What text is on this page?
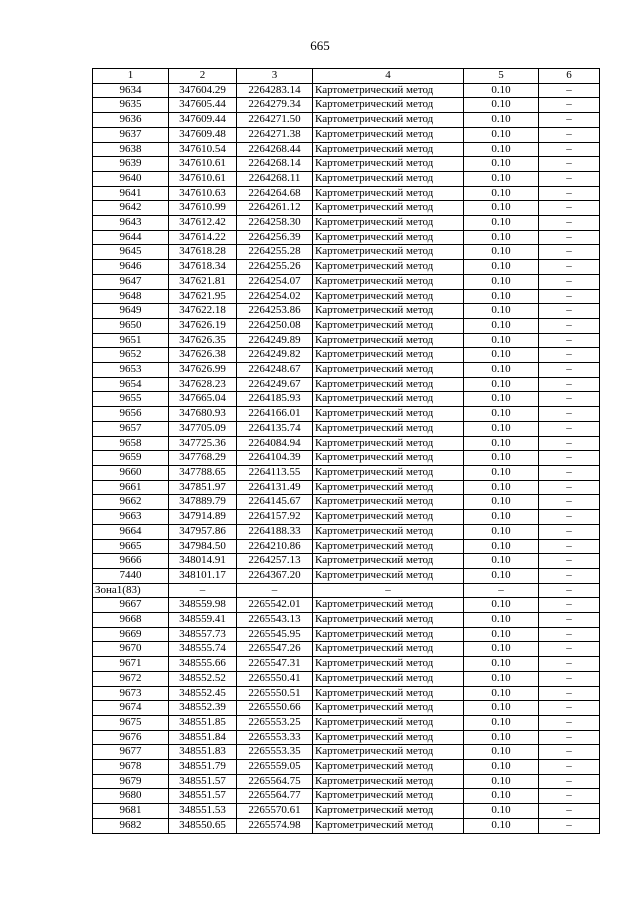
665
1	2	3	4	5	6
9634	347604.29	2264283.14	Картометрический метод	0.10	–
9635	347605.44	2264279.34	Картометрический метод	0.10	–
9636	347609.44	2264271.50	Картометрический метод	0.10	–
9637	347609.48	2264271.38	Картометрический метод	0.10	–
9638	347610.54	2264268.44	Картометрический метод	0.10	–
9639	347610.61	2264268.14	Картометрический метод	0.10	–
9640	347610.61	2264268.11	Картометрический метод	0.10	–
9641	347610.63	2264264.68	Картометрический метод	0.10	–
9642	347610.99	2264261.12	Картометрический метод	0.10	–
9643	347612.42	2264258.30	Картометрический метод	0.10	–
9644	347614.22	2264256.39	Картометрический метод	0.10	–
9645	347618.28	2264255.28	Картометрический метод	0.10	–
9646	347618.34	2264255.26	Картометрический метод	0.10	–
9647	347621.81	2264254.07	Картометрический метод	0.10	–
9648	347621.95	2264254.02	Картометрический метод	0.10	–
9649	347622.18	2264253.86	Картометрический метод	0.10	–
9650	347626.19	2264250.08	Картометрический метод	0.10	–
9651	347626.35	2264249.89	Картометрический метод	0.10	–
9652	347626.38	2264249.82	Картометрический метод	0.10	–
9653	347626.99	2264248.67	Картометрический метод	0.10	–
9654	347628.23	2264249.67	Картометрический метод	0.10	–
9655	347665.04	2264185.93	Картометрический метод	0.10	–
9656	347680.93	2264166.01	Картометрический метод	0.10	–
9657	347705.09	2264135.74	Картометрический метод	0.10	–
9658	347725.36	2264084.94	Картометрический метод	0.10	–
9659	347768.29	2264104.39	Картометрический метод	0.10	–
9660	347788.65	2264113.55	Картометрический метод	0.10	–
9661	347851.97	2264131.49	Картометрический метод	0.10	–
9662	347889.79	2264145.67	Картометрический метод	0.10	–
9663	347914.89	2264157.92	Картометрический метод	0.10	–
9664	347957.86	2264188.33	Картометрический метод	0.10	–
9665	347984.50	2264210.86	Картометрический метод	0.10	–
9666	348014.91	2264257.13	Картометрический метод	0.10	–
7440	348101.17	2264367.20	Картометрический метод	0.10	–
Зона1(83)	–	–	–	–	–
9667	348559.98	2265542.01	Картометрический метод	0.10	–
9668	348559.41	2265543.13	Картометрический метод	0.10	–
9669	348557.73	2265545.95	Картометрический метод	0.10	–
9670	348555.74	2265547.26	Картометрический метод	0.10	–
9671	348555.66	2265547.31	Картометрический метод	0.10	–
9672	348552.52	2265550.41	Картометрический метод	0.10	–
9673	348552.45	2265550.51	Картометрический метод	0.10	–
9674	348552.39	2265550.66	Картометрический метод	0.10	–
9675	348551.85	2265553.25	Картометрический метод	0.10	–
9676	348551.84	2265553.33	Картометрический метод	0.10	–
9677	348551.83	2265553.35	Картометрический метод	0.10	–
9678	348551.79	2265559.05	Картометрический метод	0.10	–
9679	348551.57	2265564.75	Картометрический метод	0.10	–
9680	348551.57	2265564.77	Картометрический метод	0.10	–
9681	348551.53	2265570.61	Картометрический метод	0.10	–
9682	348550.65	2265574.98	Картометрический метод	0.10	–
